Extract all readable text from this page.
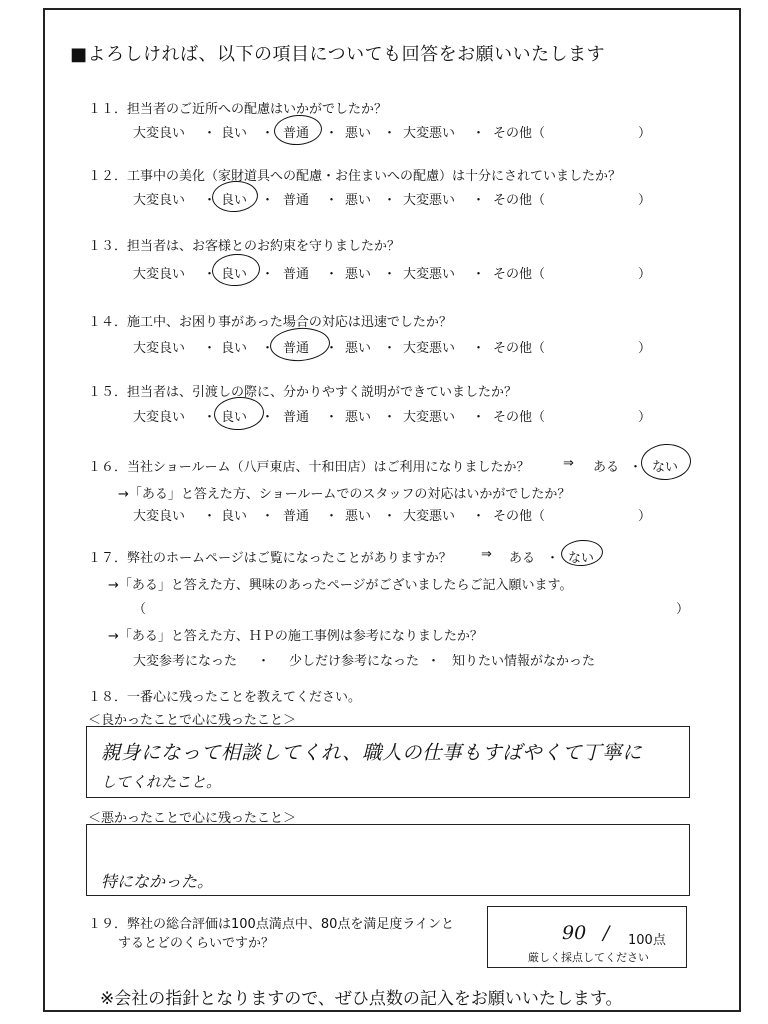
■よろしければ、以下の項目についても回答をお願いいたします
１１．担当者のご近所への配慮はいかがでしたか？
大変良い ・ 良い ・ 普通 ・ 悪い ・ 大変悪い ・ その他（	）
１２．工事中の美化（家財道具への配慮・お住まいへの配慮）は十分にされていましたか？
大変良い ・ 良い ・ 普通 ・ 悪い ・ 大変悪い ・ その他（	）
１３．担当者は、お客様とのお約束を守りましたか？
大変良い ・ 良い ・ 普通 ・ 悪い ・ 大変悪い ・ その他（	）
１４．施工中、お困り事があった場合の対応は迅速でしたか？
大変良い ・ 良い ・ 普通 ・ 悪い ・ 大変悪い ・ その他（	）
１５．担当者は、引渡しの際に、分かりやすく説明ができていましたか？
大変良い ・ 良い ・ 普通 ・ 悪い ・ 大変悪い ・ その他（	）
１６．当社ショールーム（八戸東店、十和田店）はご利用になりましたか？	⇒ ある ・ ない
→「ある」と答えた方、ショールームでのスタッフの対応はいかがでしたか？
大変良い ・ 良い ・ 普通 ・ 悪い ・ 大変悪い ・ その他（	）
１７．弊社のホームページはご覧になったことがありますか？ ⇒ ある ・ ない
→「ある」と答えた方、興味のあったページがございましたらご記入願います。
（	）
→「ある」と答えた方、ＨＰの施工事例は参考になりましたか？
大変参考になった ・ 少しだけ参考になった ・ 知りたい情報がなかった
１８．一番心に残ったことを教えてください。
＜良かったことで心に残ったこと＞
親身になって相談してくれ、職人の仕事もすばやくて丁寧に
してくれたこと。
＜悪かったことで心に残ったこと＞
特になかった。
１９．弊社の総合評価は100点満点中、80点を満足度ラインと
するとどのくらいですか？	90 / 100点
厳しく採点してください
※会社の指針となりますので、ぜひ点数の記入をお願いいたします。
